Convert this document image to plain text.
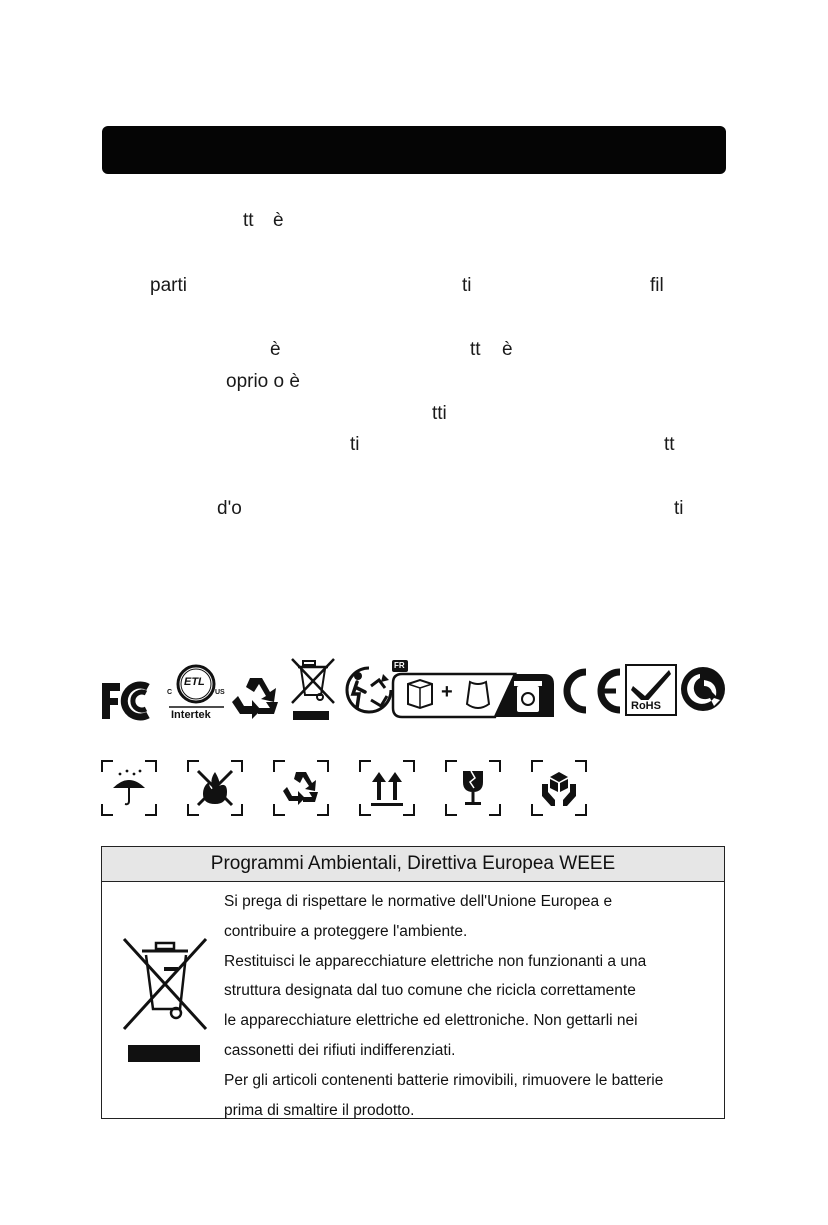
tt è
parti	ti	fil
è	tt è
oprio o è
tti
ti	tt
d'o	ti
C	US
ETL
Intertek
FR
+
RoHS
Programmi Ambientali, Direttiva Europea WEEE
Si prega di rispettare le normative dell'Unione Europea e
contribuire a proteggere l'ambiente.
Restituisci le apparecchiature elettriche non funzionanti a una
struttura designata dal tuo comune che ricicla correttamente
le apparecchiature elettriche ed elettroniche. Non gettarli nei
cassonetti dei rifiuti indifferenziati.
Per gli articoli contenenti batterie rimovibili, rimuovere le batterie
prima di smaltire il prodotto.
